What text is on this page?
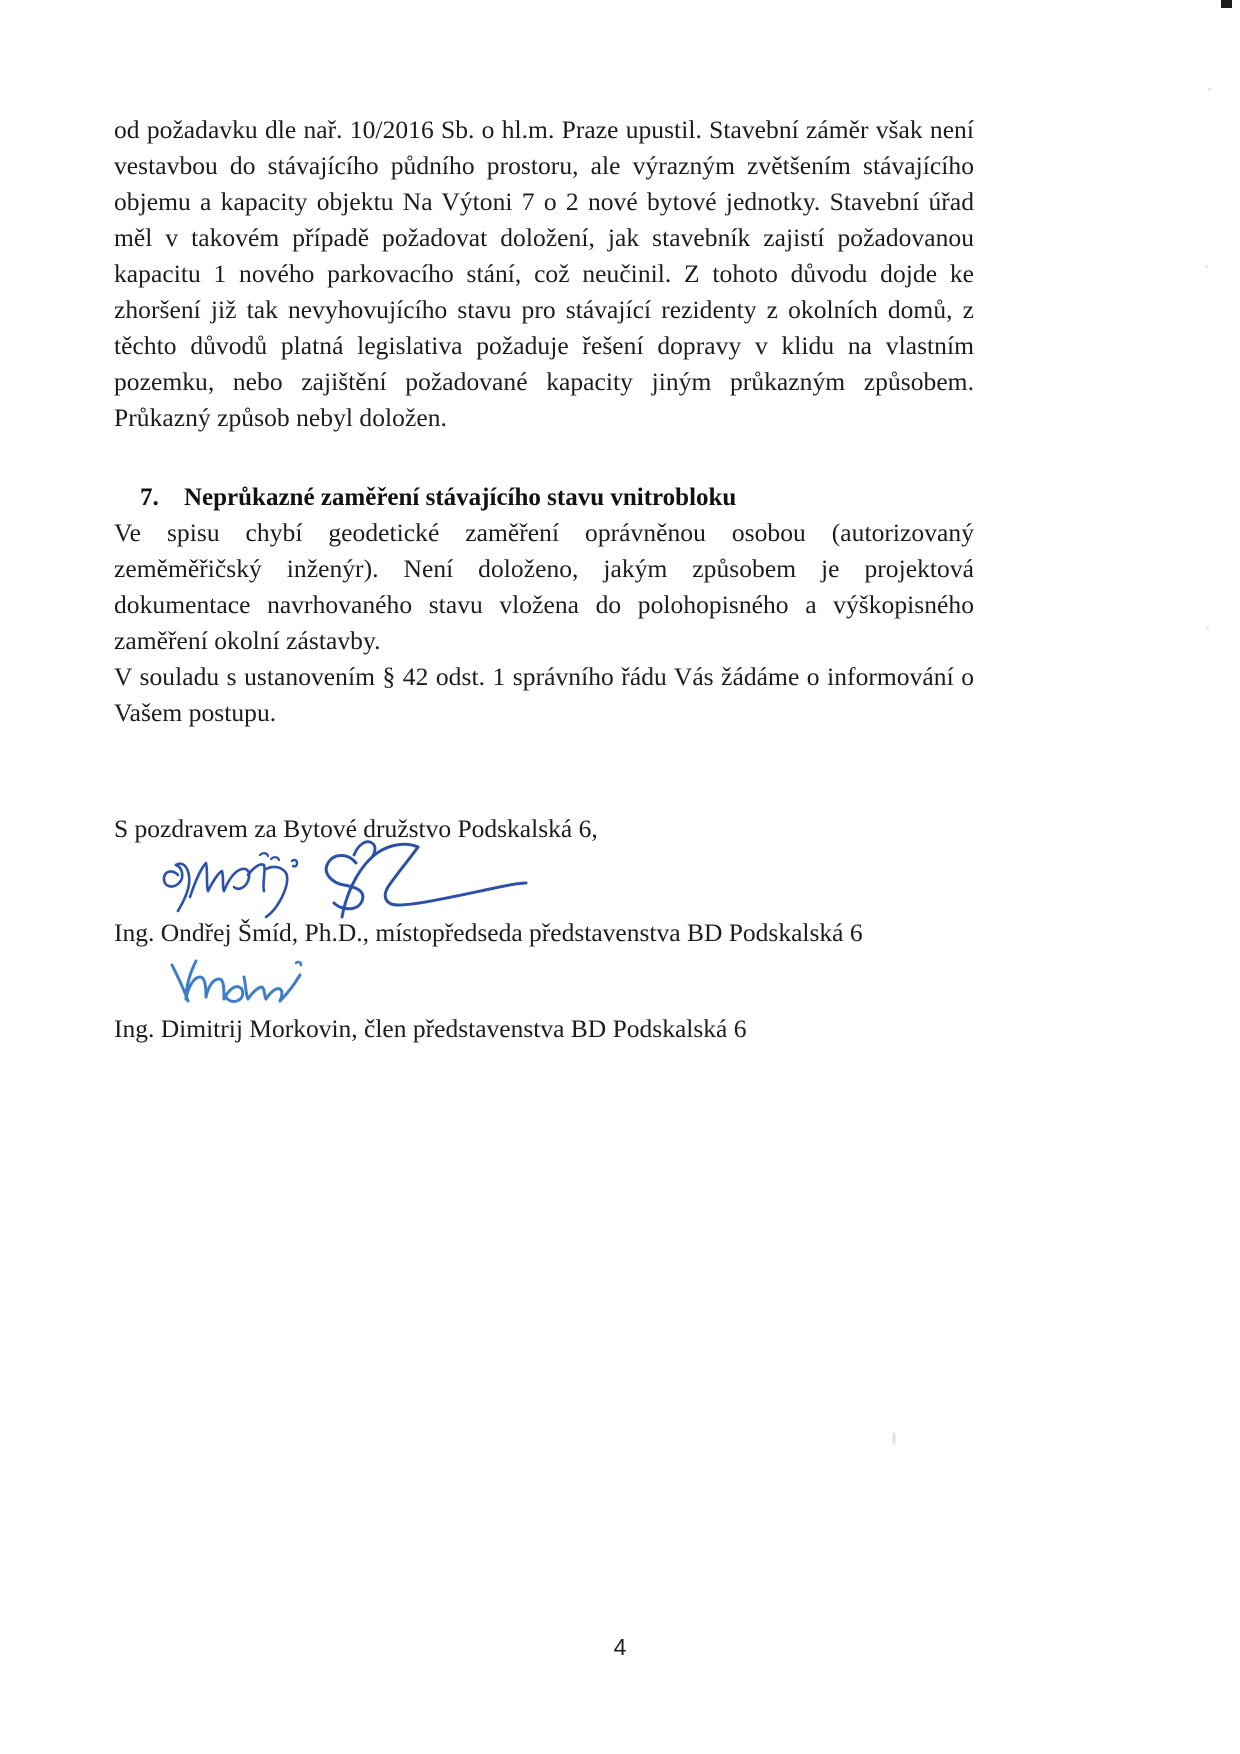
od požadavku dle nař. 10/2016 Sb. o hl.m. Praze upustil. Stavební záměr však není vestavbou do stávajícího půdního prostoru, ale výrazným zvětšením stávajícího objemu a kapacity objektu Na Výtoni 7 o 2 nové bytové jednotky. Stavební úřad měl v takovém případě požadovat doložení, jak stavebník zajistí požadovanou kapacitu 1 nového parkovacího stání, což neučinil. Z tohoto důvodu dojde ke zhoršení již tak nevyhovujícího stavu pro stávající rezidenty z okolních domů, z těchto důvodů platná legislativa požaduje řešení dopravy v klidu na vlastním pozemku, nebo zajištění požadované kapacity jiným průkazným způsobem. Průkazný způsob nebyl doložen.

7. Neprůkazné zaměření stávajícího stavu vnitrobloku

Ve spisu chybí geodetické zaměření oprávněnou osobou (autorizovaný zeměměřičský inženýr). Není doloženo, jakým způsobem je projektová dokumentace navrhovaného stavu vložena do polohopisného a výškopisného zaměření okolní zástavby.

V souladu s ustanovením § 42 odst. 1 správního řádu Vás žádáme o informování o Vašem postupu.

S pozdravem za Bytové družstvo Podskalská 6,

Ing. Ondřej Šmíd, Ph.D., místopředseda představenstva BD Podskalská 6

Ing. Dimitrij Morkovin, člen představenstva BD Podskalská 6

4
